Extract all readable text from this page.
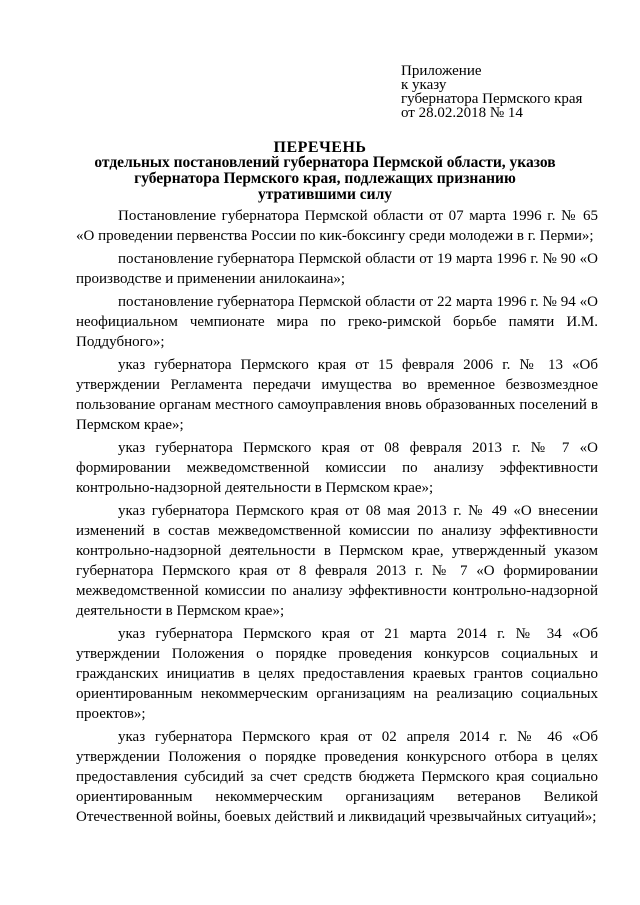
Приложение
к указу
губернатора Пермского края
от 28.02.2018 № 14
ПЕРЕЧЕНЬ
отдельных постановлений губернатора Пермской области, указов
губернатора Пермского края, подлежащих признанию утратившими силу

Постановление губернатора Пермской области от 07 марта 1996 г. № 65 «О проведении первенства России по кик-боксингу среди молодежи в г. Перми»;

постановление губернатора Пермской области от 19 марта 1996 г. № 90 «О производстве и применении анилокаина»;

постановление губернатора Пермской области от 22 марта 1996 г. № 94 «О неофициальном чемпионате мира по греко-римской борьбе памяти И.М. Поддубного»;

указ губернатора Пермского края от 15 февраля 2006 г. № 13 «Об утверждении Регламента передачи имущества во временное безвозмездное пользование органам местного самоуправления вновь образованных поселений в Пермском крае»;

указ губернатора Пермского края от 08 февраля 2013 г. № 7 «О формировании межведомственной комиссии по анализу эффективности контрольно-надзорной деятельности в Пермском крае»;

указ губернатора Пермского края от 08 мая 2013 г. № 49 «О внесении изменений в состав межведомственной комиссии по анализу эффективности контрольно-надзорной деятельности в Пермском крае, утвержденный указом губернатора Пермского края от 8 февраля 2013 г. № 7 «О формировании межведомственной комиссии по анализу эффективности контрольно-надзорной деятельности в Пермском крае»;

указ губернатора Пермского края от 21 марта 2014 г. № 34 «Об утверждении Положения о порядке проведения конкурсов социальных и гражданских инициатив в целях предоставления краевых грантов социально ориентированным некоммерческим организациям на реализацию социальных проектов»;

указ губернатора Пермского края от 02 апреля 2014 г. № 46 «Об утверждении Положения о порядке проведения конкурсного отбора в целях предоставления субсидий за счет средств бюджета Пермского края социально ориентированным некоммерческим организациям ветеранов Великой Отечественной войны, боевых действий и ликвидаций чрезвычайных ситуаций»;
